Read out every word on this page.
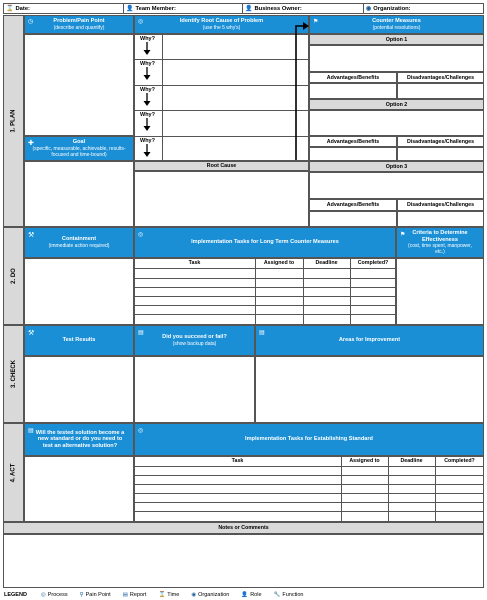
⌛ Date:	👤 Team Member:	👤 Business Owner:	◉ Organization:
1. PLAN
Problem/Pain Point
(describe and quantify)
◷
Goal
(specific, measurable, achievable, results-focused and time-bound)
✚
Identify Root Cause of Problem
(use the 5 why's)
◎
Why?
Why?
Why?
Why?
Why?
Root Cause
Counter Measures
(potential resolutions)
⚑
Option 1
Advantages/Benefits	Disadvantages/Challenges
Option 2
Advantages/Benefits	Disadvantages/Challenges
Option 3
Advantages/Benefits	Disadvantages/Challenges
2. DO
Containment
(immediate action required)
⚒
Implementation Tasks for Long Term Counter Measures
◎	Criteria to Determine Effectiveness
(cost, time spent, manpower, etc.)
⚑
Task	Assigned to	Deadline	Completed?
3. CHECK
Test Results
⚒
Did you succeed or fail?
(show backup data)
▤
Areas for Improvement
▤
4. ACT
Will the tested solution become a new standard or do you need to test an alternative solution?
▤
Implementation Tasks for Establishing Standard
◎
Task	Assigned to	Deadline	Completed?
Notes or Comments
LEGEND	◎ Process ⚲ Pain Point ▤ Report ⌛ Time ◉ Organization 👤 Role 🔧 Function
